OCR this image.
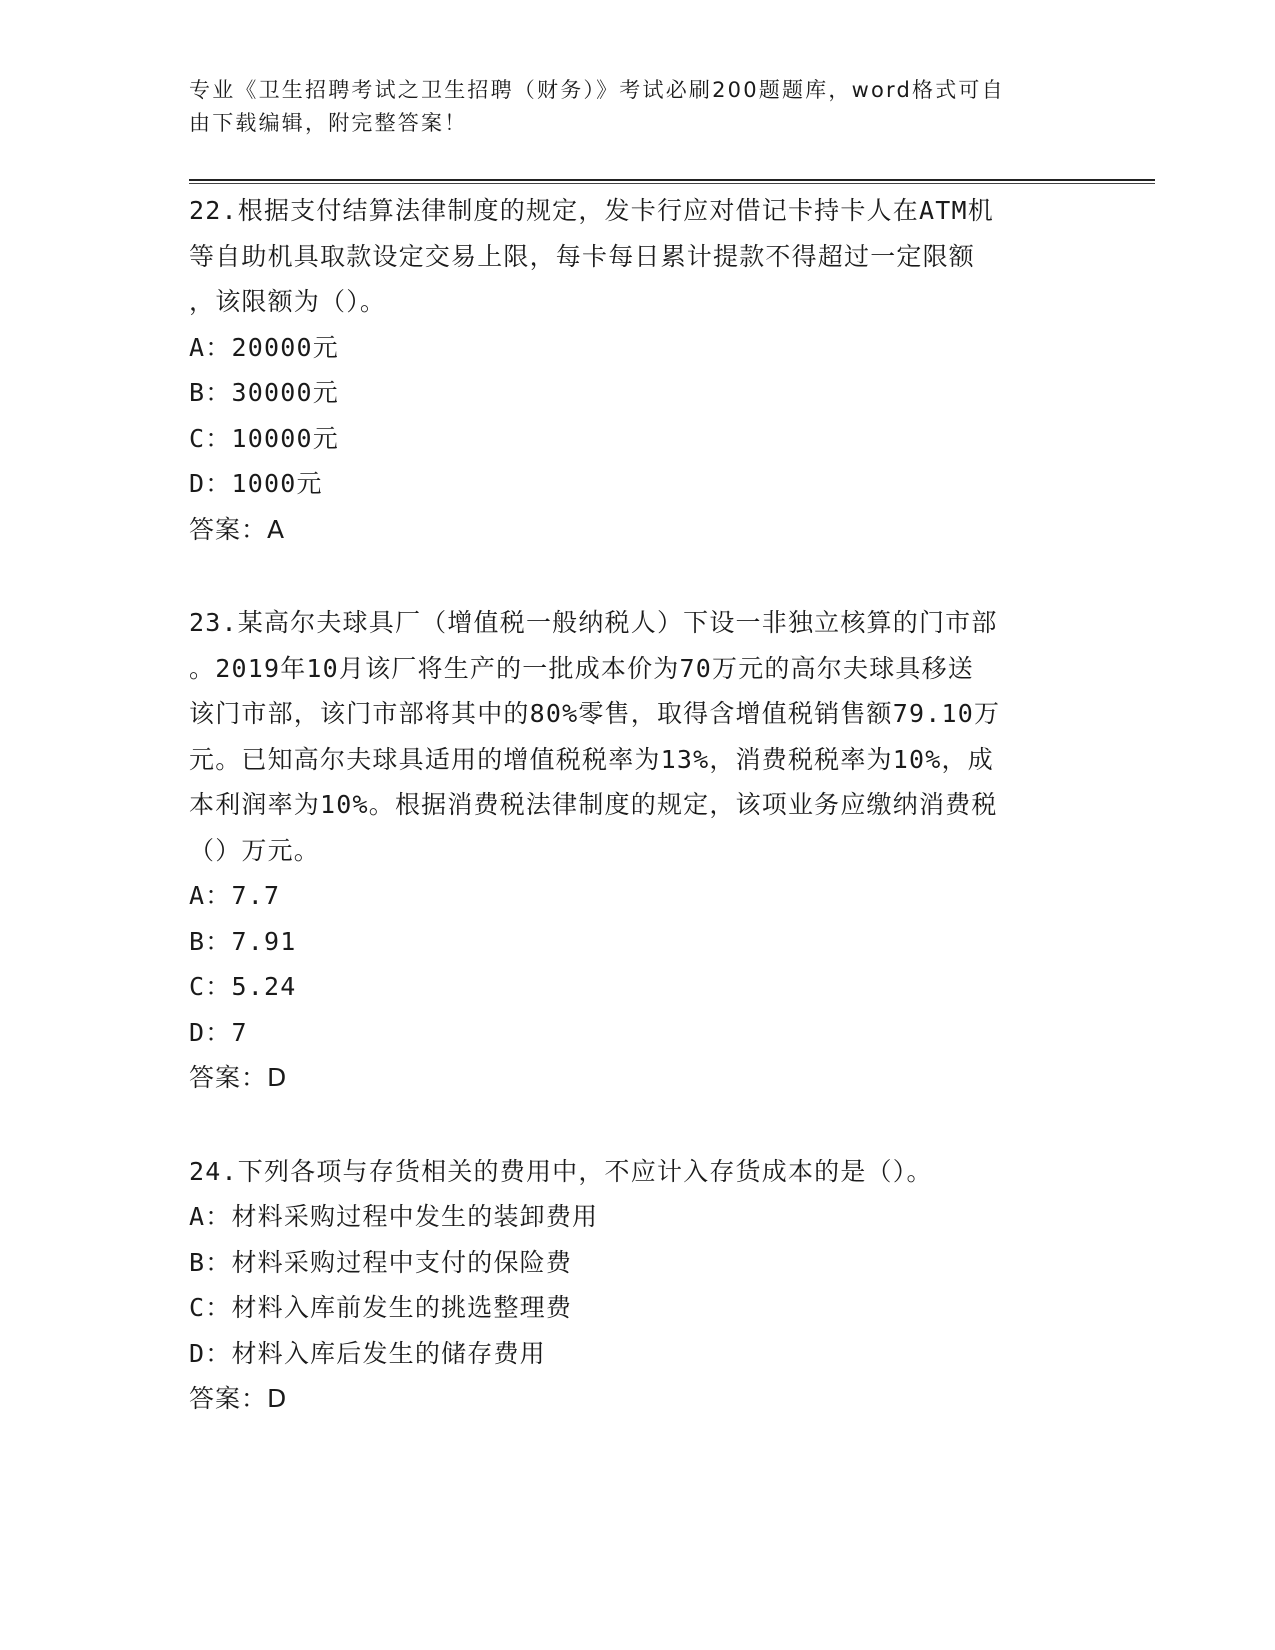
专业《卫生招聘考试之卫生招聘（财务）》考试必刷200题题库，word格式可自
由下载编辑，附完整答案！
22.根据支付结算法律制度的规定，发卡行应对借记卡持卡人在ATM机
等自助机具取款设定交易上限，每卡每日累计提款不得超过一定限额
，该限额为（）。
A：20000元
B：30000元
C：10000元
D：1000元
答案：A
23.某高尔夫球具厂（增值税一般纳税人）下设一非独立核算的门市部
。2019年10月该厂将生产的一批成本价为70万元的高尔夫球具移送
该门市部，该门市部将其中的80%零售，取得含增值税销售额79.10万
元。已知高尔夫球具适用的增值税税率为13%，消费税税率为10%，成
本利润率为10%。根据消费税法律制度的规定，该项业务应缴纳消费税
（）万元。
A：7.7
B：7.91
C：5.24
D：7
答案：D
24.下列各项与存货相关的费用中，不应计入存货成本的是（）。
A：材料采购过程中发生的装卸费用
B：材料采购过程中支付的保险费
C：材料入库前发生的挑选整理费
D：材料入库后发生的储存费用
答案：D
